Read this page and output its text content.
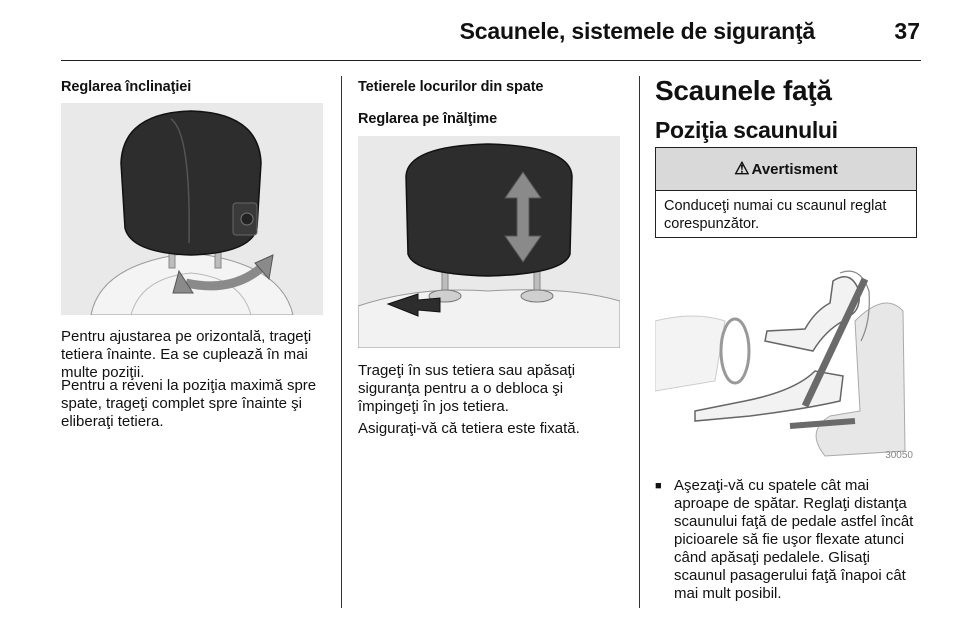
Scaunele, sistemele de siguranţă	37
Reglarea înclinaţiei

Pentru ajustarea pe orizontală, trageţi tetiera înainte. Ea se cuplează în mai multe poziţii.

Pentru a reveni la poziţia maximă spre spate, trageţi complet spre înainte şi eliberaţi tetiera.

Tetierele locurilor din spate
Reglarea pe înălţime

Trageţi în sus tetiera sau apăsaţi siguranţa pentru a o debloca şi împingeţi în jos tetiera.

Asiguraţi-vă că tetiera este fixată.

Scaunele faţă
Poziţia scaunului
⚠ Avertisment
Conduceţi numai cu scaunul reglat corespunzător.
30050
■ Aşezaţi-vă cu spatele cât mai aproape de spătar. Reglaţi distanţa scaunului faţă de pedale astfel încât picioarele să fie uşor flexate atunci când apăsaţi pedalele. Glisaţi scaunul pasagerului faţă înapoi cât mai mult posibil.
